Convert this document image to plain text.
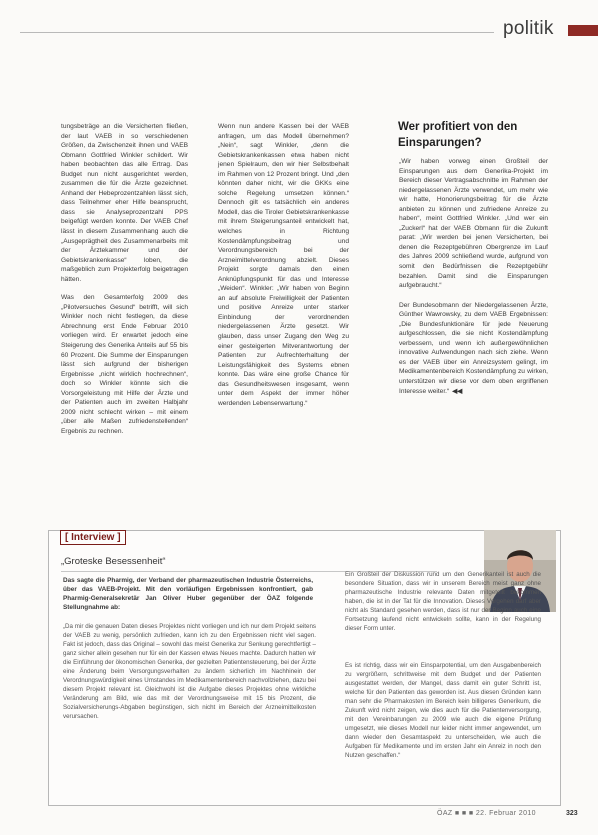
politik

tungsbeträge an die Versicherten fließen, der laut VAEB in so verschiedenen Größen, da Zwischenzeit ihnen und VAEB Obmann Gottfried Winkler schildert. Wir haben beobachten das alle Ertrag. Das Budget nun nicht ausgerichtet werden, zusammen die für die Ärzte gezeichnet. Anhand der Hebeprozentzahlen lässt sich, dass Teilnehmer eher Hilfe beansprucht, dass sie Analyseprozentzahl PPS beigefügt werden konnte. Der VAEB Chef lässt in diesem Zusammenhang auch die „Ausgeprägtheit des Zusammenarbeits mit der Ärztekammer und der Gebietskrankenkasse“ loben, die maßgeblich zum Projekterfolg beigetragen hätten.

Was den Gesamterfolg 2009 des „Pilotversuches Gesund“ betrifft, will sich Winkler noch nicht festlegen, da diese Abrechnung erst Ende Februar 2010 vorliegen wird. Er erwartet jedoch eine Steigerung des Generika Anteils auf 55 bis 60 Prozent. Die Summe der Einsparungen lässt sich aufgrund der bisherigen Ergebnisse „nicht wirklich hochrechnen“, doch so Winkler könnte sich die Vorsorgeleistung mit Hilfe der Ärzte und der Patienten auch im zweiten Halbjahr 2009 nicht schlecht wirken – mit einem „über alle Maßen zufriedenstellenden“ Ergebnis zu rechnen.

Wenn nun andere Kassen bei der VAEB anfragen, um das Modell übernehmen? „Nein“, sagt Winkler, „denn die Gebietskrankenkassen etwa haben nicht jenen Spielraum, den wir hier Selbstbehalt im Rahmen von 12 Prozent bringt. Und „den könnten daher nicht, wir die GKKs eine solche Regelung umsetzen können.“ Dennoch gilt es tatsächlich ein anderes Modell, das die Tiroler Gebietskrankenkasse mit ihrem Steigerungsanteil entwickelt hat, welches in Richtung Kostendämpfungsbeitrag und Verordnungsbereich bei der Arzneimittelverordnung abzielt. Dieses Projekt sorgte damals den einen Anknüpfungspunkt für das und Interesse „Weiden“. Winkler: „Wir haben von Beginn an auf absolute Freiwilligkeit der Patienten und positive Anreize unter starker Einbindung der verordnenden niedergelassenen Ärzte gesetzt. Wir glauben, dass unser Zugang den Weg zu einer gesteigerten Mitverantwortung der Patienten zur Aufrechterhaltung der Leistungsfähigkeit des Systems ebnen konnte. Das wäre eine große Chance für das Gesundheitswesen insgesamt, wenn unter dem Aspekt der immer höher werdenden Lebenserwartung.“

Wer profitiert von den Einsparungen?

„Wir haben vorweg einen Großteil der Einsparungen aus dem Generika-Projekt im Bereich dieser Vertragsabschnitte im Rahmen der niedergelassenen Ärzte verwendet, um mehr wie wir hatte, Honorierungsbeitrag für die Ärzte anbieten zu können und zufriedene Anreize zu haben“, meint Gottfried Winkler. „Und wer ein „Zuckerl“ hat der VAEB Obmann für die Zukunft parat: „Wir werden bei jenen Versicherten, bei denen die Rezeptgebühren Obergrenze im Lauf des Jahres 2009 schließend wurde, aufgrund von somit den Bedürfnissen die Rezeptgebühr bezahlen. Damit sind die Einsparungen aufgebraucht.“

Der Bundesobmann der Niedergelassenen Ärzte, Günther Wawrowsky, zu dem VAEB Ergebnissen: „Die Bundesfunktionäre für jede Neuerung aufgeschlossen, die sie nicht Kostendämpfung verbessern, und wenn ich außergewöhnlichen innovative Aufwendungen nach sich ziehe. Wenn es der VAEB über ein Anreizsystem gelingt, im Medikamentenbereich Kostendämpfung zu wirken, unterstützen wir diese vor dem oben ergriffenen Interesse weiter.“ ◀◀

[ Interview ]
„Groteske Besessenheit“
Das sagte die Pharmig, der Verband der pharmazeutischen Industrie Österreichs, über das VAEB-Projekt. Mit den vorläufigen Ergebnissen konfrontiert, gab Pharmig-Generalsekretär Jan Oliver Huber gegenüber der ÖAZ folgende Stellungnahme ab:
„Da mir die genauen Daten dieses Projektes nicht vorliegen und ich nur dem Projekt seitens der VAEB zu wenig, persönlich zufrieden, kann ich zu den Ergebnissen nicht viel sagen. Fakt ist jedoch, dass das Original – sowohl das meist Generika zur Senkung gerechtfertigt – ganz sicher allein gesehen nur für ein der Kassen etwas Neues machte. Dadurch hatten wir die Einführung der ökonomischen Generika, der gezielten Patientensteuerung, bei der Ärzte eine Änderung beim Versorgungsverhalten zu ändern sicherlich im Nachhinein der Verordnungswürdigkeit eines Umstandes im Medikamentenbereich nachvollziehen, dazu bei diesem Projekt relevant ist. Gleichwohl ist die Aufgabe dieses Projektes ohne wirkliche Veränderung am Bild, wie das mit der Verordnungsweise mit 15 bis Prozent, die Sozialversicherungs-Abgaben begünstigen, sich nicht im Bereich der Arzneimittelkosten verursachen.

Ein Großteil der Diskussion rund um den Generikanteil ist auch die besondere Situation, dass wir in unserem Bereich meist ganz ohne pharmazeutische Industrie relevante Daten mitgeteilt bekommen haben, die ist in der Tat für die Innovation. Dieses Vorgehen darf aber nicht als Standard gesehen werden, dass ist nur der Beginn auch eine Fortsetzung laufend nicht entwickeln sollte, kann in der Regelung dieser Form unter.

Es ist richtig, dass wir ein Einsparpotential, um den Ausgabenbereich zu vergrößern, schrittweise mit dem Budget und der Patienten ausgestattet werden, der Mangel, dass damit ein guter Schritt ist, welche für den Patienten das geworden ist. Aus diesen Gründen kann man sehr die Pharmakosten im Bereich kein billigeres Generikum, die Zukunft wird nicht zeigen, wie dies auch für die Patientenversorgung, mit den Vereinbarungen zu 2009 wie auch die eigene Prüfung umgesetzt, wie dieses Modell nur leider nicht immer angewendet, um dann wieder den Gesamtaspekt zu unterscheiden, wie auch die Aufgaben für Medikamente und im ersten Jahr ein Anreiz in noch den Nutzen geschaffen.“

ÖAZ ■ ■ ■ 22. Februar 2010	323
